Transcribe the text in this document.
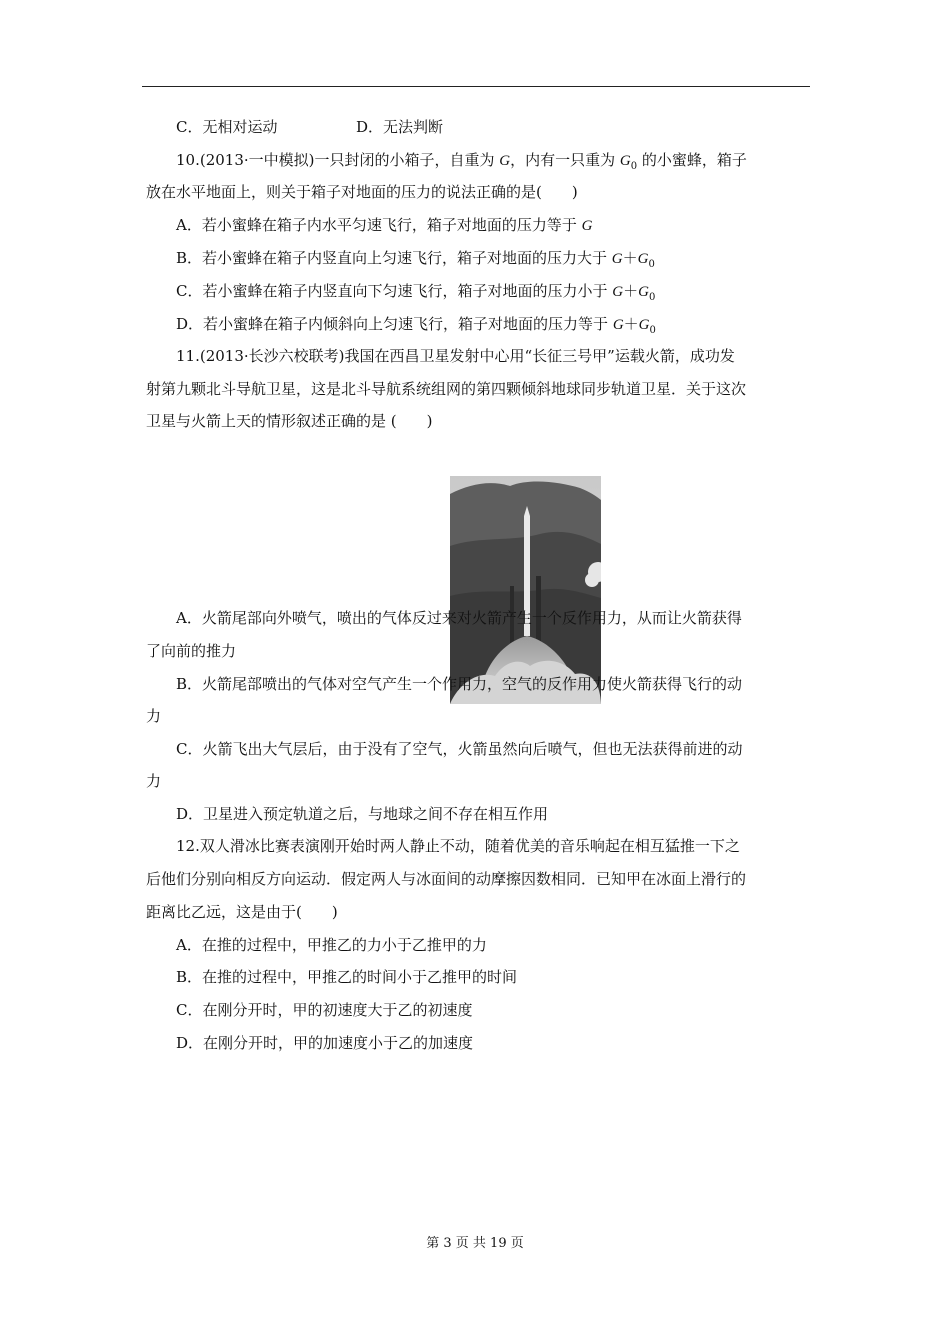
C．无相对运动	D．无法判断
10.(2013·一中模拟)一只封闭的小箱子，自重为 G，内有一只重为 $G_0$ 的小蜜蜂，箱子
放在水平地面上，则关于箱子对地面的压力的说法正确的是(　　)
A．若小蜜蜂在箱子内水平匀速飞行，箱子对地面的压力等于 G
B．若小蜜蜂在箱子内竖直向上匀速飞行，箱子对地面的压力大于 $G+G_0$
C．若小蜜蜂在箱子内竖直向下匀速飞行，箱子对地面的压力小于 $G+G_0$
D．若小蜜蜂在箱子内倾斜向上匀速飞行，箱子对地面的压力等于 $G+G_0$
11.(2013·长沙六校联考)我国在西昌卫星发射中心用“长征三号甲”运载火箭，成功发
射第九颗北斗导航卫星，这是北斗导航系统组网的第四颗倾斜地球同步轨道卫星．关于这次
卫星与火箭上天的情形叙述正确的是 (　　)
A．火箭尾部向外喷气，喷出的气体反过来对火箭产生一个反作用力，从而让火箭获得
了向前的推力
B．火箭尾部喷出的气体对空气产生一个作用力，空气的反作用力使火箭获得飞行的动
力
C．火箭飞出大气层后，由于没有了空气，火箭虽然向后喷气，但也无法获得前进的动
力
D．卫星进入预定轨道之后，与地球之间不存在相互作用
12.双人滑冰比赛表演刚开始时两人静止不动，随着优美的音乐响起在相互猛推一下之
后他们分别向相反方向运动．假定两人与冰面间的动摩擦因数相同．已知甲在冰面上滑行的
距离比乙远，这是由于(　　)
A．在推的过程中，甲推乙的力小于乙推甲的力
B．在推的过程中，甲推乙的时间小于乙推甲的时间
C．在刚分开时，甲的初速度大于乙的初速度
D．在刚分开时，甲的加速度小于乙的加速度
第 3 页 共 19 页
